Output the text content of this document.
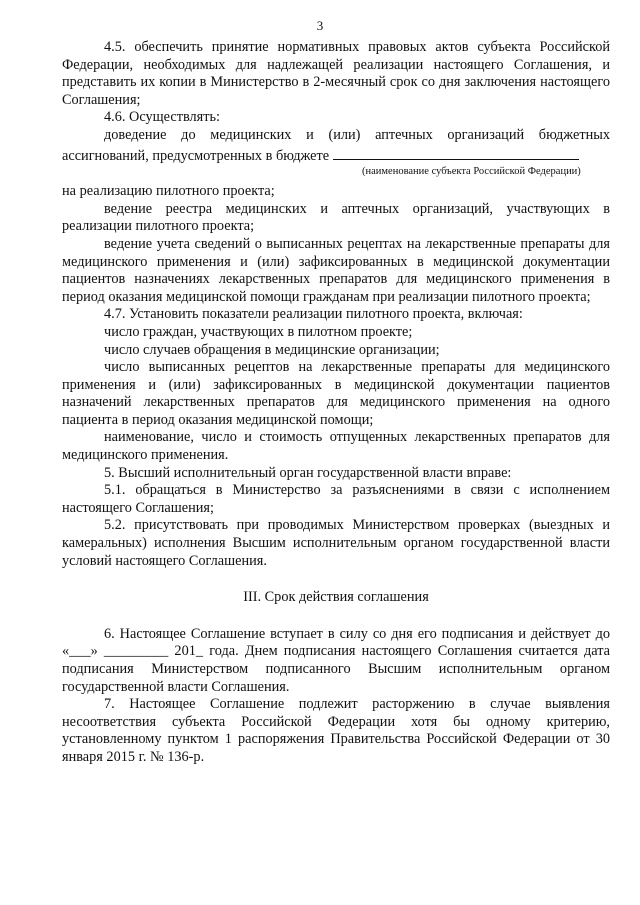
3

4.5. обеспечить принятие нормативных правовых актов субъекта Российской Федерации, необходимых для надлежащей реализации настоящего Соглашения, и представить их копии в Министерство в 2-месячный срок со дня заключения настоящего Соглашения;

4.6. Осуществлять:

доведение до медицинских и (или) аптечных организаций бюджетных ассигнований, предусмотренных в бюджете

(наименование субъекта Российской Федерации)

на реализацию пилотного проекта;

ведение реестра медицинских и аптечных организаций, участвующих в реализации пилотного проекта;

ведение учета сведений о выписанных рецептах на лекарственные препараты для медицинского применения и (или) зафиксированных в медицинской документации пациентов назначениях лекарственных препаратов для медицинского применения в период оказания медицинской помощи гражданам при реализации пилотного проекта;

4.7. Установить показатели реализации пилотного проекта, включая:

число граждан, участвующих в пилотном проекте;

число случаев обращения в медицинские организации;

число выписанных рецептов на лекарственные препараты для медицинского применения и (или) зафиксированных в медицинской документации пациентов назначений лекарственных препаратов для медицинского применения на одного пациента в период оказания медицинской помощи;

наименование, число и стоимость отпущенных лекарственных препаратов для медицинского применения.

5. Высший исполнительный орган государственной власти вправе:

5.1. обращаться в Министерство за разъяснениями в связи с исполнением настоящего Соглашения;

5.2. присутствовать при проводимых Министерством проверках (выездных и камеральных) исполнения Высшим исполнительным органом государственной власти условий настоящего Соглашения.

III. Срок действия соглашения

6. Настоящее Соглашение вступает в силу со дня его подписания и действует до «___» _________ 201_ года. Днем подписания настоящего Соглашения считается дата подписания Министерством подписанного Высшим исполнительным органом государственной власти Соглашения.

7. Настоящее Соглашение подлежит расторжению в случае выявления несоответствия субъекта Российской Федерации хотя бы одному критерию, установленному пунктом 1 распоряжения Правительства Российской Федерации от 30 января 2015 г. № 136-р.
